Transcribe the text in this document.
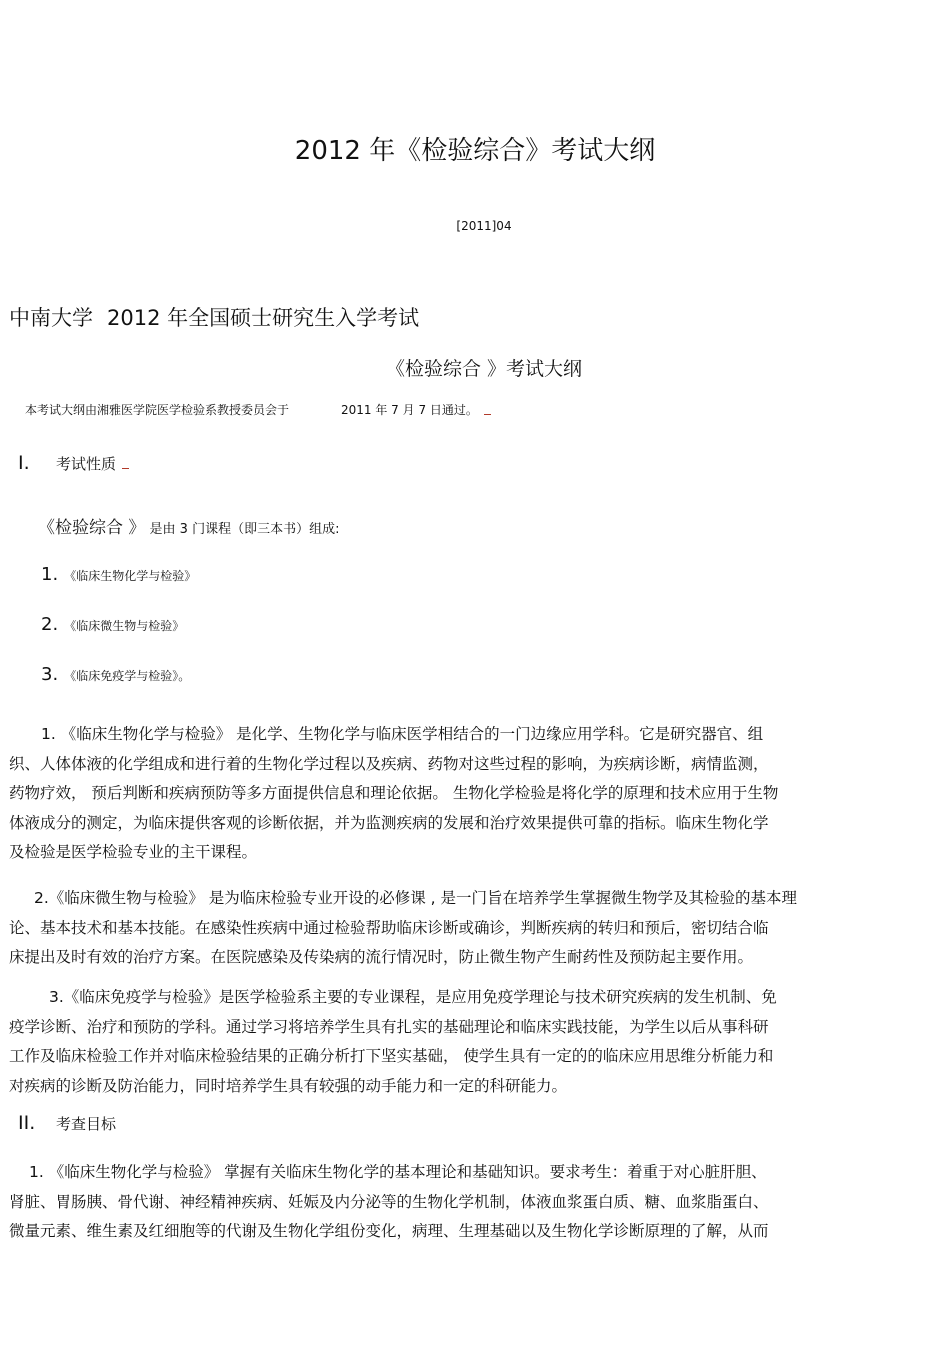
2012 年《检验综合》考试大纲
[2011]04
中南大学 2012 年全国硕士研究生入学考试
《检验综合 》考试大纲
本考试大纲由湘雅医学院医学检验系教授委员会于	2011 年 7 月 7 日通过。
I. 考试性质
《检验综合 》 是由 3 门课程（即三本书）组成:
1. 《临床生物化学与检验》
2. 《临床微生物与检验》
3. 《临床免疫学与检验》。
1. 《临床生物化学与检验》 是化学、生物化学与临床医学相结合的一门边缘应用学科。它是研究器官、组
织、人体体液的化学组成和进行着的生物化学过程以及疾病、药物对这些过程的影响，为疾病诊断，病情监测，
药物疗效， 预后判断和疾病预防等多方面提供信息和理论依据。 生物化学检验是将化学的原理和技术应用于生物
体液成分的测定，为临床提供客观的诊断依据，并为监测疾病的发展和治疗效果提供可靠的指标。临床生物化学
及检验是医学检验专业的主干课程。
2.《临床微生物与检验》 是为临床检验专业开设的必修课 , 是一门旨在培养学生掌握微生物学及其检验的基本理
论、基本技术和基本技能。在感染性疾病中通过检验帮助临床诊断或确诊，判断疾病的转归和预后，密切结合临
床提出及时有效的治疗方案。在医院感染及传染病的流行情况时，防止微生物产生耐药性及预防起主要作用。
3.《临床免疫学与检验》是医学检验系主要的专业课程，是应用免疫学理论与技术研究疾病的发生机制、免
疫学诊断、治疗和预防的学科。通过学习将培养学生具有扎实的基础理论和临床实践技能，为学生以后从事科研
工作及临床检验工作并对临床检验结果的正确分析打下坚实基础， 使学生具有一定的的临床应用思维分析能力和
对疾病的诊断及防治能力，同时培养学生具有较强的动手能力和一定的科研能力。
II. 考查目标
1. 《临床生物化学与检验》 掌握有关临床生物化学的基本理论和基础知识。要求考生：着重于对心脏肝胆、
肾脏、胃肠胰、骨代谢、神经精神疾病、妊娠及内分泌等的生物化学机制，体液血浆蛋白质、糖、血浆脂蛋白、
微量元素、维生素及红细胞等的代谢及生物化学组份变化，病理、生理基础以及生物化学诊断原理的了解，从而
